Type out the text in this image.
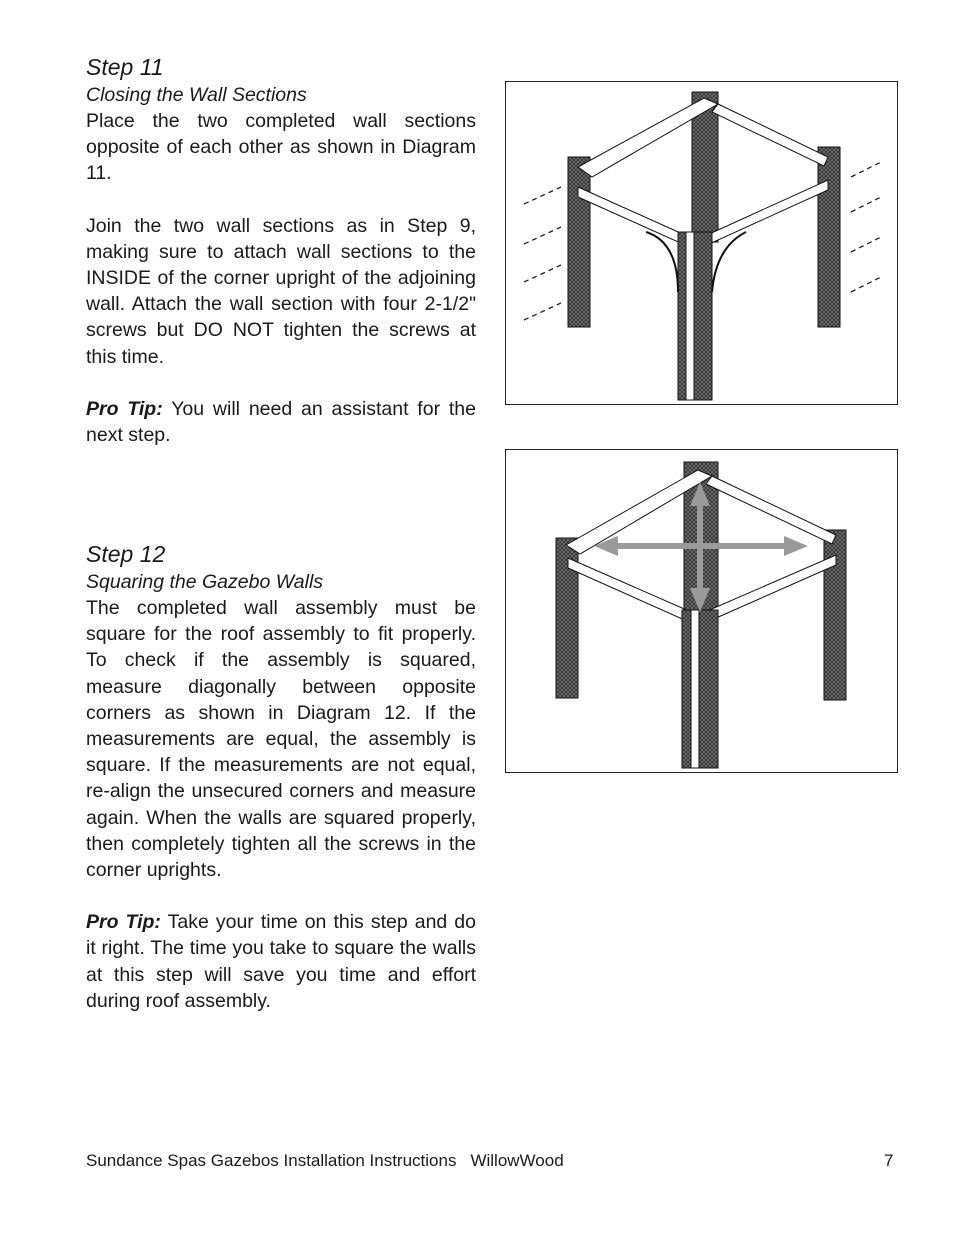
Step 11

Closing the Wall Sections

Place the two completed wall sections opposite of each other as shown in Diagram 11.

Join the two wall sections as in Step 9, making sure to attach wall sections to the INSIDE of the corner upright of the adjoining wall. Attach the wall section with four 2-1/2" screws but DO NOT tighten the screws at this time.

Pro Tip: You will need an assistant for the next step.

Step 12

Squaring the Gazebo Walls

The completed wall assembly must be square for the roof assembly to fit properly. To check if the assembly is squared, measure diagonally between opposite corners as shown in Diagram 12. If the measurements are equal, the assembly is square. If the measurements are not equal, re-align the unsecured corners and measure again. When the walls are squared properly, then completely tighten all the screws in the corner uprights.

Pro Tip: Take your time on this step and do it right. The time you take to square the walls at this step will save you time and effort during roof assembly.

Sundance Spas Gazebos Installation Instructions WillowWood	7
